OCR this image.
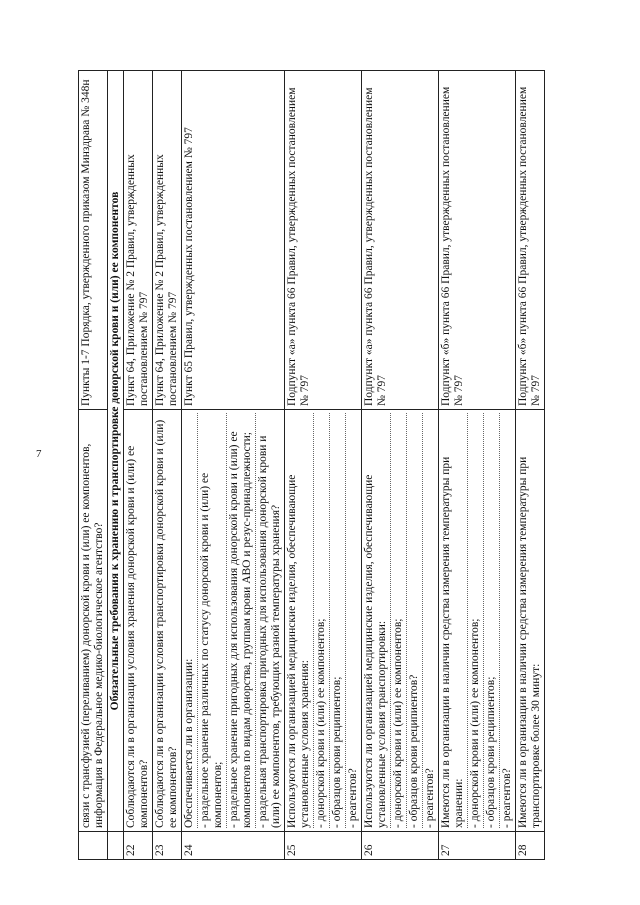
7
		связи с трансфузией (переливанием) донорской крови и (или) ее компонентов, информация в Федеральное медико-биологическое агентство?	Пункты 1-7 Порядка, утвержденного приказом Минздрава № 348н
	Обязательные требования к хранению и транспортировке донорской крови и (или) ее компонентов	
22	Соблюдаются ли в организации условия хранения донорской крови и (или) ее компонентов?	Пункт 64, Приложение № 2 Правил, утвержденных постановлением № 797
23	Соблюдаются ли в организации условия транспортировки донорской крови и (или) ее компонентов?	Пункт 64, Приложение № 2 Правил, утвержденных постановлением № 797
24	Обеспечивается ли в организации: - раздельное хранение различных по статусу донорской крови и (или) ее компонентов; - раздельное хранение пригодных для использования донорской крови и (или) ее компонентов по видам донорства, группам крови АВО и резус-принадлежности; - раздельная транспортировка пригодных для использования донорской крови и (или) ее компонентов, требующих разной температуры хранения?	Пункт 65 Правил, утвержденных постановлением № 797
25	Используются ли организацией медицинские изделия, обеспечивающие установленные условия хранения: - донорской крови и (или) ее компонентов; - образцов крови реципиентов; - реагентов?	Подпункт «а» пункта 66 Правил, утвержденных постановлением № 797
26	Используются ли организацией медицинские изделия, обеспечивающие установленные условия транспортировки: - донорской крови и (или) ее компонентов; - образцов крови реципиентов? - реагентов?	Подпункт «а» пункта 66 Правил, утвержденных постановлением № 797
27	Имеются ли в организации в наличии средства измерения температуры при хранении: - донорской крови и (или) ее компонентов; - образцов крови реципиентов; - реагентов?	Подпункт «б» пункта 66 Правил, утвержденных постановлением № 797
28	Имеются ли в организации в наличии средства измерения температуры при транспортировке более 30 минут:	Подпункт «б» пункта 66 Правил, утвержденных постановлением № 797
